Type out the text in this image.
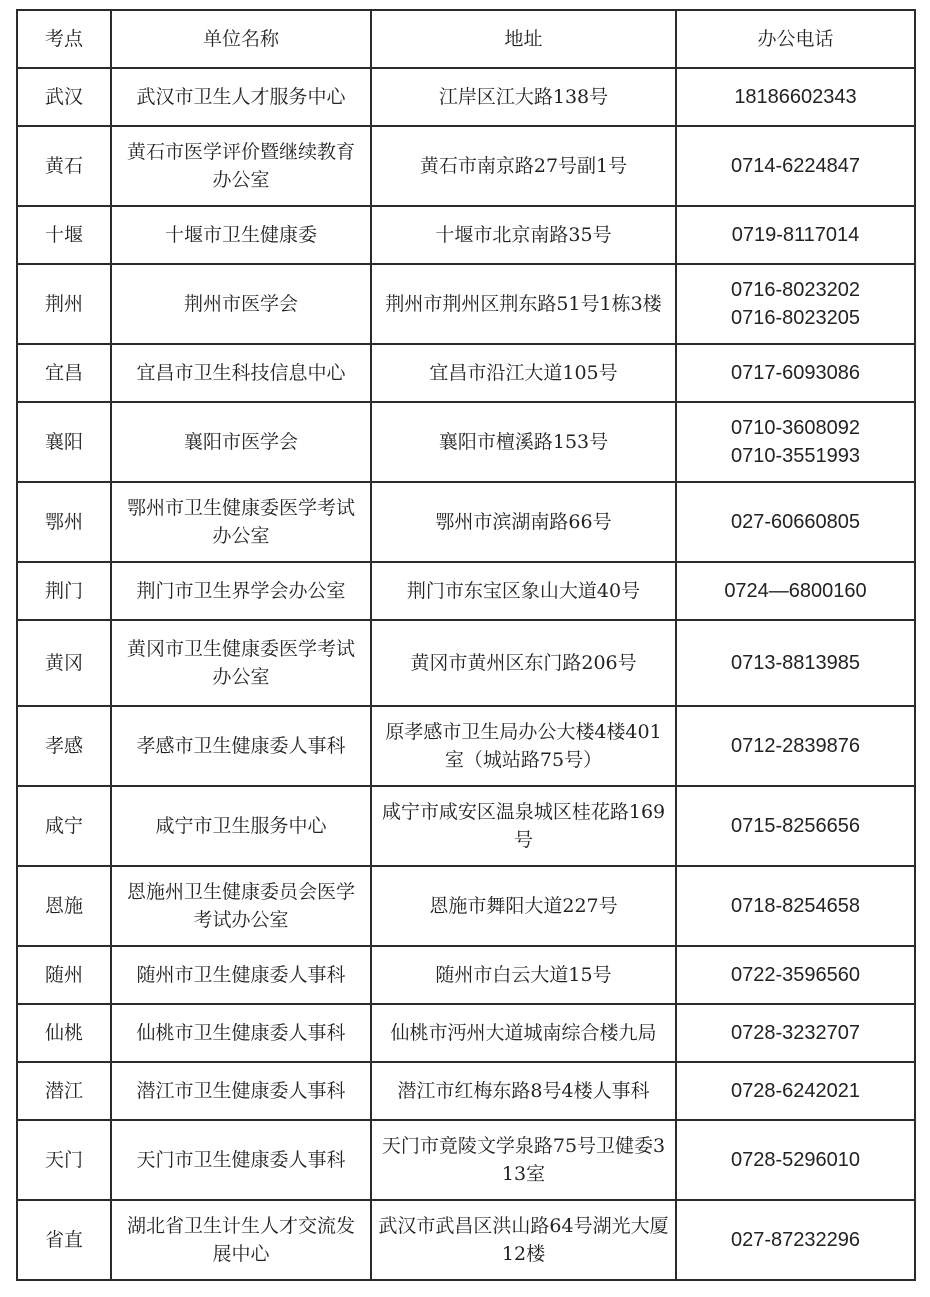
考点	单位名称	地址	办公电话
武汉	武汉市卫生人才服务中心	江岸区江大路138号	18186602343

黄石	黄石市医学评价暨继续教育办公室	黄石市南京路27号副1号	0714-6224847

十堰	十堰市卫生健康委	十堰市北京南路35号	0719-8117014

荆州	荆州市医学会	荆州市荆州区荆东路51号1栋3楼	0716-8023202
0716-8023205

宜昌	宜昌市卫生科技信息中心	宜昌市沿江大道105号	0717-6093086

襄阳	襄阳市医学会	襄阳市檀溪路153号	0710-3608092
0710-3551993

鄂州	鄂州市卫生健康委医学考试办公室	鄂州市滨湖南路66号	027-60660805

荆门	荆门市卫生界学会办公室	荆门市东宝区象山大道40号	0724—6800160

黄冈	黄冈市卫生健康委医学考试办公室	黄冈市黄州区东门路206号	0713-8813985

孝感	孝感市卫生健康委人事科	原孝感市卫生局办公大楼4楼401室（城站路75号）	0712-2839876

咸宁	咸宁市卫生服务中心	咸宁市咸安区温泉城区桂花路169号	0715-8256656

恩施	恩施州卫生健康委员会医学考试办公室	恩施市舞阳大道227号	0718-8254658

随州	随州市卫生健康委人事科	随州市白云大道15号	0722-3596560

仙桃	仙桃市卫生健康委人事科	仙桃市沔州大道城南综合楼九局	0728-3232707

潜江	潜江市卫生健康委人事科	潜江市红梅东路8号4楼人事科	0728-6242021

天门	天门市卫生健康委人事科	天门市竟陵文学泉路75号卫健委313室	0728-5296010

省直	湖北省卫生计生人才交流发展中心	武汉市武昌区洪山路64号湖光大厦12楼	027-87232296
